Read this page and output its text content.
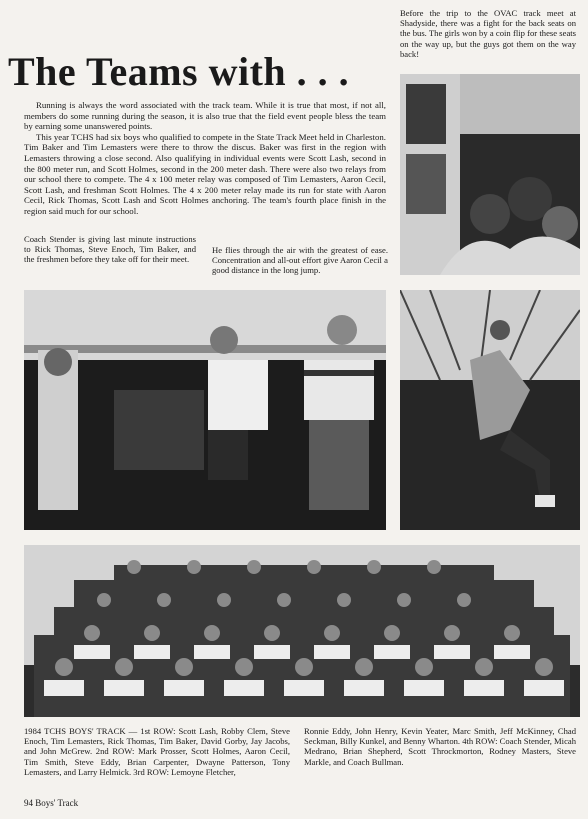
Before the trip to the OVAC track meet at Shadyside, there was a fight for the back seats on the bus. The girls won by a coin flip for these seats on the way up, but the guys got them on the way back!
The Teams with . . .

Running is always the word associated with the track team. While it is true that most, if not all, members do some running during the season, it is also true that the field event people bless the team by earning some unanswered points.

This year TCHS had six boys who qualified to compete in the State Track Meet held in Charleston. Tim Baker and Tim Lemasters were there to throw the discus. Baker was first in the region with Lemasters throwing a close second. Also qualifying in individual events were Scott Lash, second in the 800 meter run, and Scott Holmes, second in the 200 meter dash. There were also two relays from our school there to compete. The 4 x 100 meter relay was composed of Tim Lemasters, Aaron Cecil, Scott Lash, and freshman Scott Holmes. The 4 x 200 meter relay made its run for state with Aaron Cecil, Rick Thomas, Scott Lash and Scott Holmes anchoring. The team's fourth place finish in the region said much for our school.

Coach Stender is giving last minute instructions to Rick Thomas, Steve Enoch, Tim Baker, and the freshmen before they take off for their meet.
He flies through the air with the greatest of ease. Concentration and all-out effort give Aaron Cecil a good distance in the long jump.
1984 TCHS BOYS' TRACK — 1st ROW: Scott Lash, Robby Clem, Steve Enoch, Tim Lemasters, Rick Thomas, Tim Baker, David Gorby, Jay Jacobs, and John McGrew. 2nd ROW: Mark Prosser, Scott Holmes, Aaron Cecil, Tim Smith, Steve Eddy, Brian Carpenter, Dwayne Patterson, Tony Lemasters, and Larry Helmick. 3rd ROW: Lemoyne Fletcher,
Ronnie Eddy, John Henry, Kevin Yeater, Marc Smith, Jeff McKinney, Chad Seckman, Billy Kunkel, and Benny Wharton. 4th ROW: Coach Stender, Micah Medrano, Brian Shepherd, Scott Throckmorton, Rodney Masters, Steve Markle, and Coach Bullman.
94 Boys' Track
